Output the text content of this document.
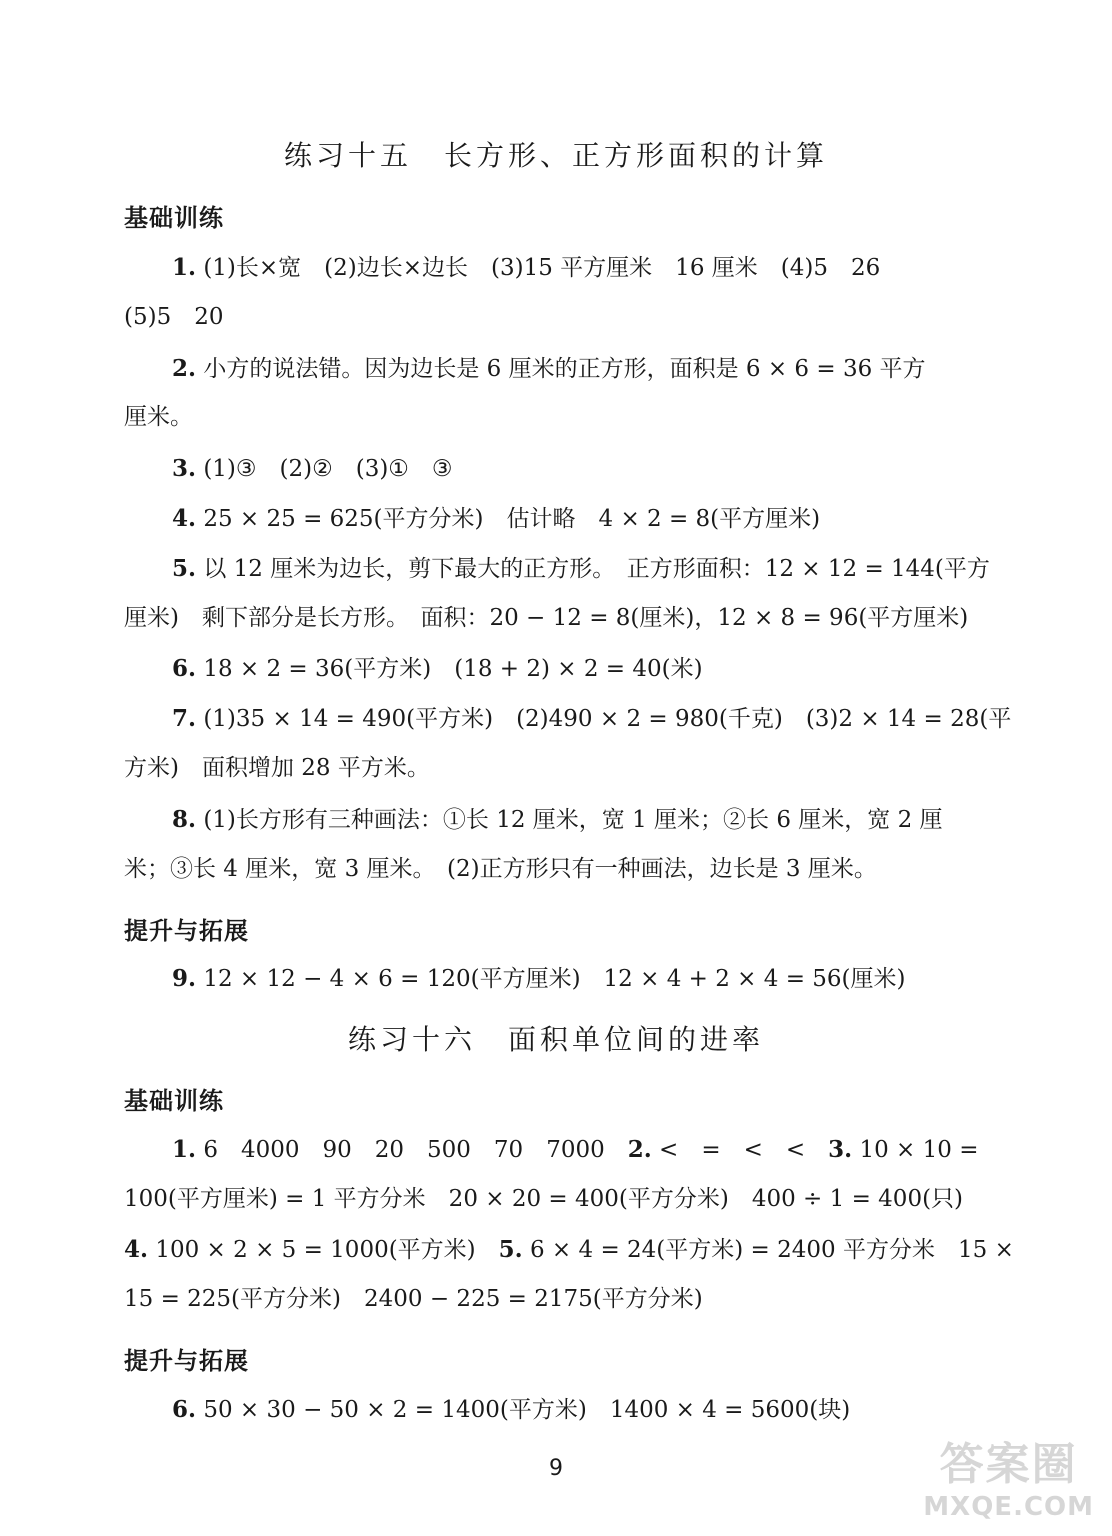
练习十五　长方形、正方形面积的计算
基础训练
1. (1)长×宽　(2)边长×边长　(3)15 平方厘米　16 厘米　(4)5　26
(5)5　20
2. 小方的说法错。因为边长是 6 厘米的正方形，面积是 6 × 6 = 36 平方
厘米。
3. (1)③　(2)②　(3)①　③
4. 25 × 25 = 625(平方分米)　估计略　4 × 2 = 8(平方厘米)
5. 以 12 厘米为边长，剪下最大的正方形。　正方形面积：12 × 12 = 144(平方
厘米)　剩下部分是长方形。　面积：20 − 12 = 8(厘米)，12 × 8 = 96(平方厘米)
6. 18 × 2 = 36(平方米)　(18 + 2) × 2 = 40(米)
7. (1)35 × 14 = 490(平方米)　(2)490 × 2 = 980(千克)　(3)2 × 14 = 28(平
方米)　面积增加 28 平方米。
8. (1)长方形有三种画法：①长 12 厘米，宽 1 厘米；②长 6 厘米，宽 2 厘
米；③长 4 厘米，宽 3 厘米。　(2)正方形只有一种画法，边长是 3 厘米。
提升与拓展
9. 12 × 12 − 4 × 6 = 120(平方厘米)　12 × 4 + 2 × 4 = 56(厘米)
练习十六　面积单位间的进率
基础训练
1. 6　4000　90　20　500　70　7000　2. <　=　<　<　3. 10 × 10 =
100(平方厘米) = 1 平方分米　20 × 20 = 400(平方分米)　400 ÷ 1 = 400(只)
4. 100 × 2 × 5 = 1000(平方米)　5. 6 × 4 = 24(平方米) = 2400 平方分米　15 ×
15 = 225(平方分米)　2400 − 225 = 2175(平方分米)
提升与拓展
6. 50 × 30 − 50 × 2 = 1400(平方米)　1400 × 4 = 5600(块)
9	答案圈
MXQE.COM
